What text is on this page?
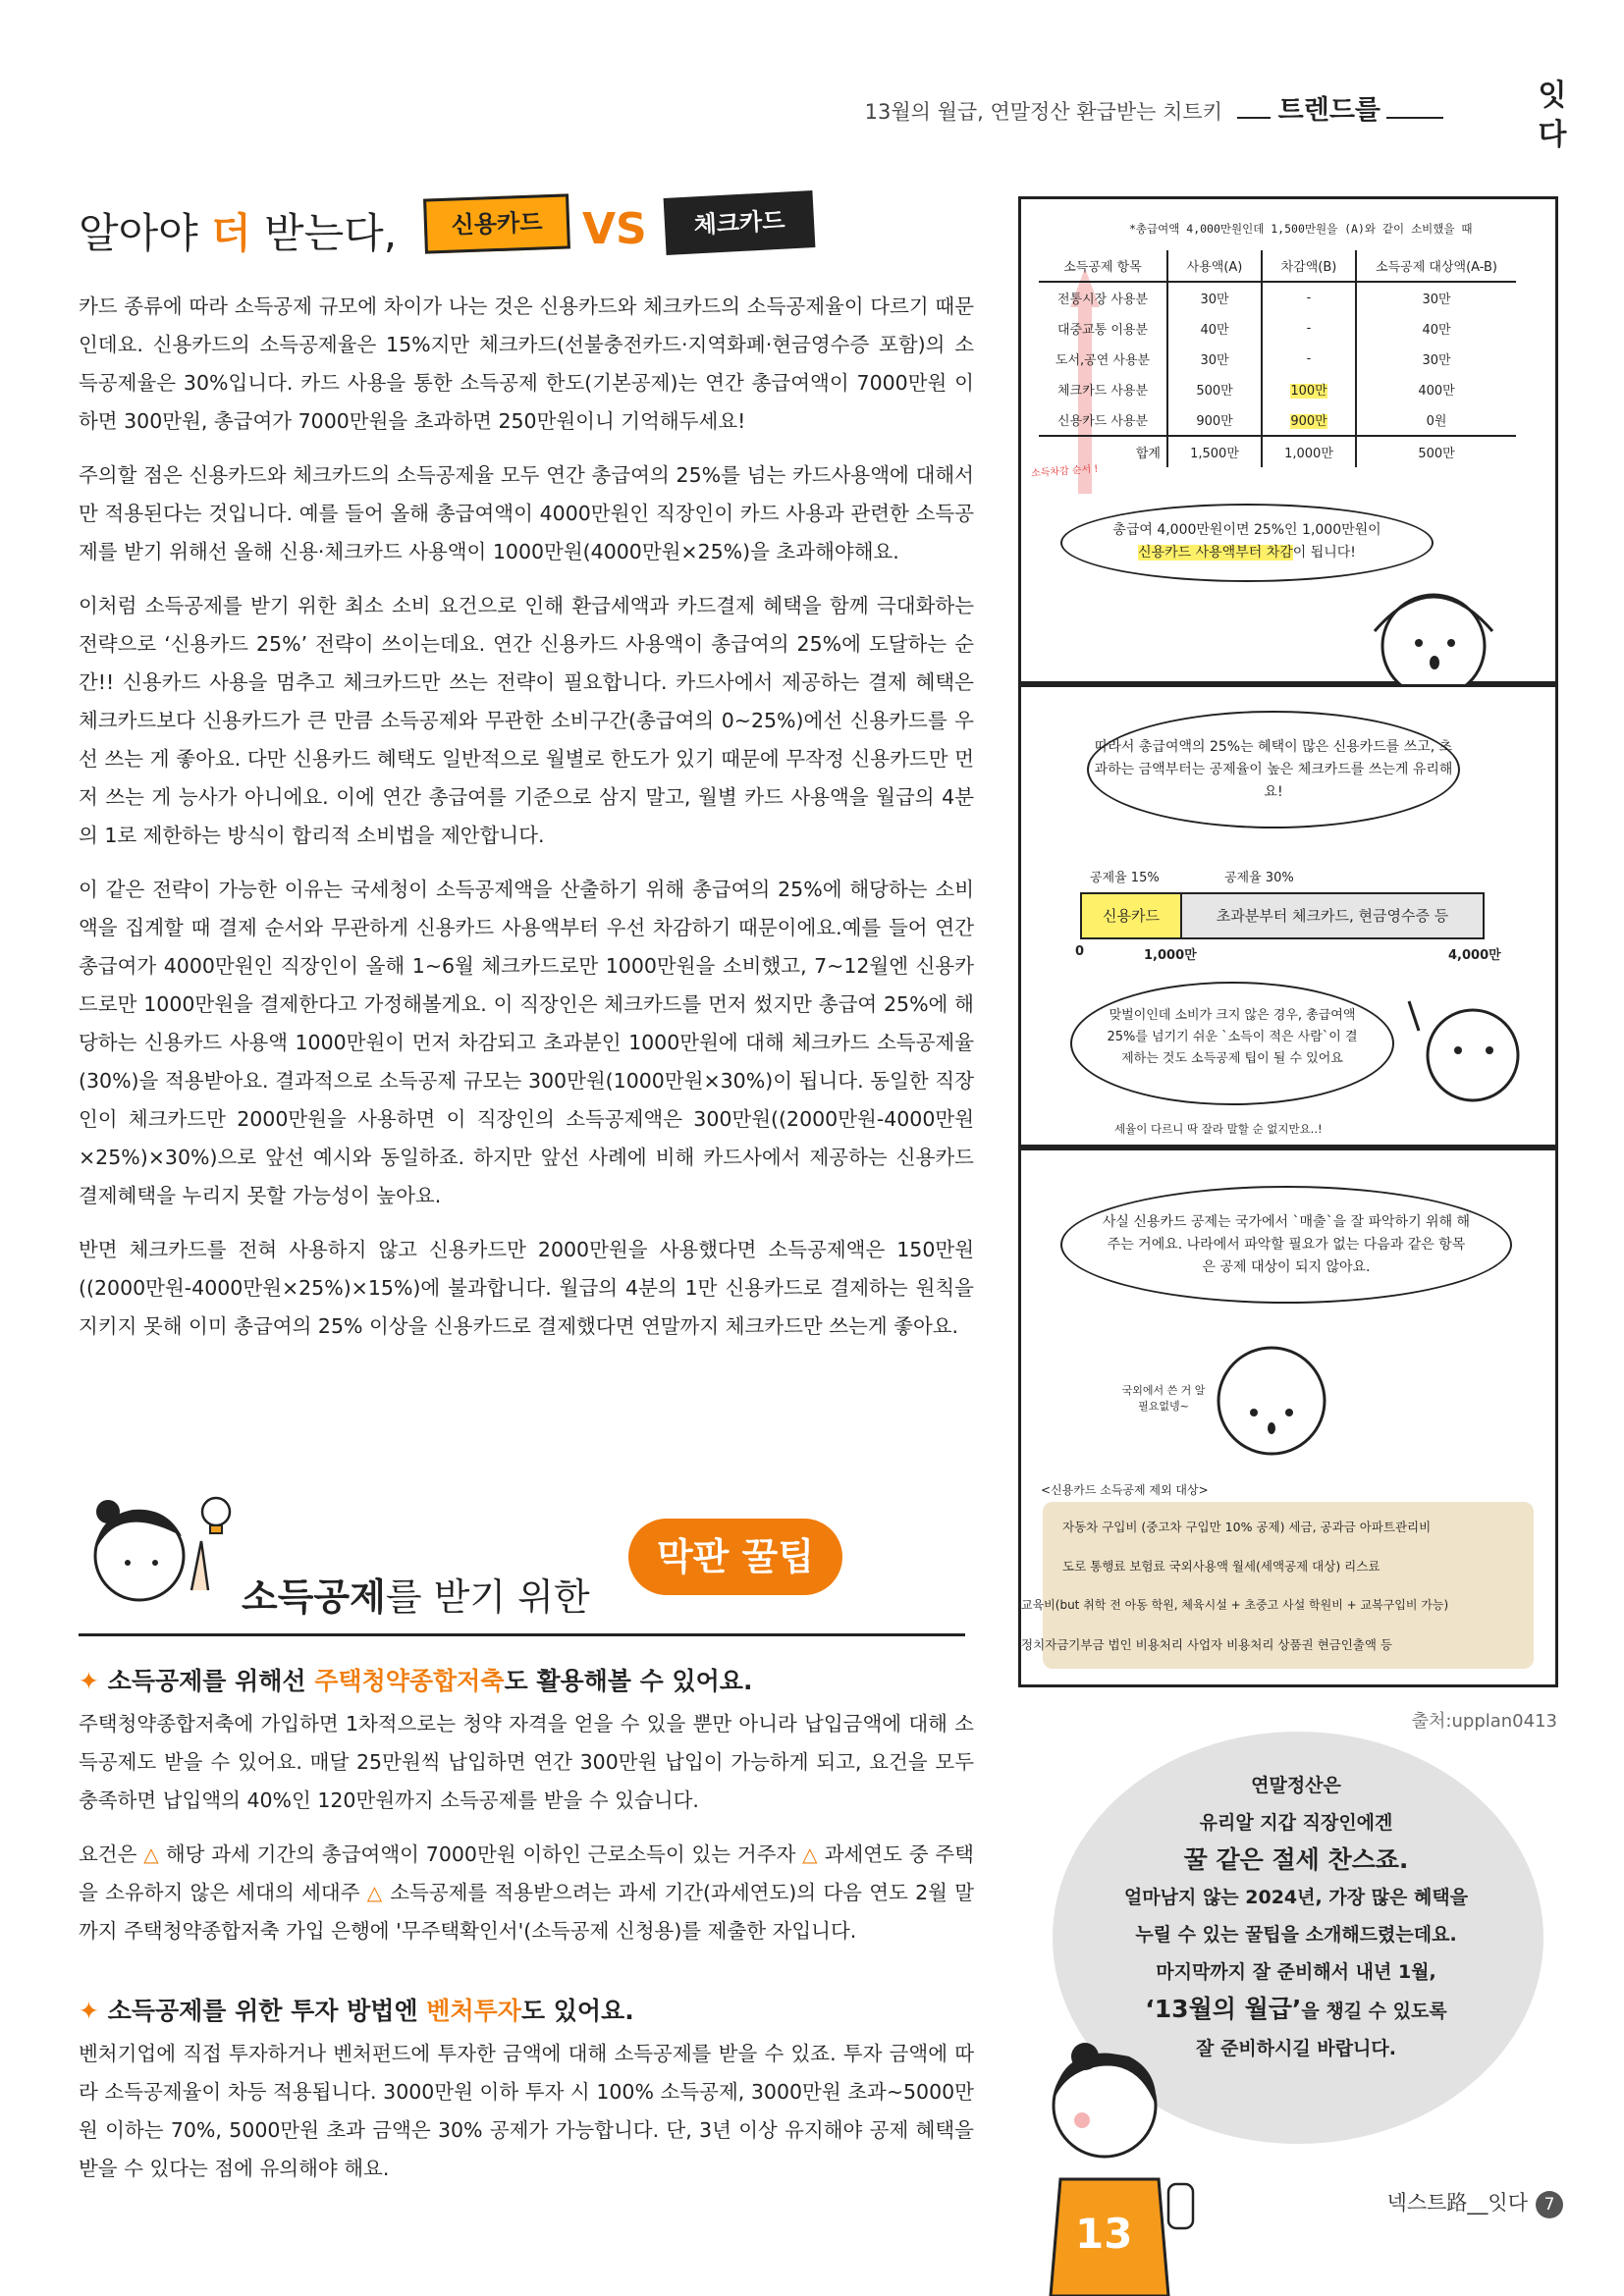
13월의 월급, 연말정산 환급받는 치트키 트렌드를	잇다
알아야 더 받는다,	신용카드 VS	체크카드

카드 종류에 따라 소득공제 규모에 차이가 나는 것은 신용카드와 체크카드의 소득공제율이 다르기 때문인데요. 신용카드의 소득공제율은 15%지만 체크카드(선불충전카드·지역화폐·현금영수증 포함)의 소득공제율은 30%입니다. 카드 사용을 통한 소득공제 한도(기본공제)는 연간 총급여액이 7000만원 이하면 300만원, 총급여가 7000만원을 초과하면 250만원이니 기억해두세요!

주의할 점은 신용카드와 체크카드의 소득공제율 모두 연간 총급여의 25%를 넘는 카드사용액에 대해서만 적용된다는 것입니다. 예를 들어 올해 총급여액이 4000만원인 직장인이 카드 사용과 관련한 소득공제를 받기 위해선 올해 신용·체크카드 사용액이 1000만원(4000만원×25%)을 초과해야해요.

이처럼 소득공제를 받기 위한 최소 소비 요건으로 인해 환급세액과 카드결제 혜택을 함께 극대화하는 전략으로 ‘신용카드 25%’ 전략이 쓰이는데요. 연간 신용카드 사용액이 총급여의 25%에 도달하는 순간!! 신용카드 사용을 멈추고 체크카드만 쓰는 전략이 필요합니다. 카드사에서 제공하는 결제 혜택은 체크카드보다 신용카드가 큰 만큼 소득공제와 무관한 소비구간(총급여의 0~25%)에선 신용카드를 우선 쓰는 게 좋아요. 다만 신용카드 혜택도 일반적으로 월별로 한도가 있기 때문에 무작정 신용카드만 먼저 쓰는 게 능사가 아니에요. 이에 연간 총급여를 기준으로 삼지 말고, 월별 카드 사용액을 월급의 4분의 1로 제한하는 방식이 합리적 소비법을 제안합니다.

이 같은 전략이 가능한 이유는 국세청이 소득공제액을 산출하기 위해 총급여의 25%에 해당하는 소비액을 집계할 때 결제 순서와 무관하게 신용카드 사용액부터 우선 차감하기 때문이에요.예를 들어 연간 총급여가 4000만원인 직장인이 올해 1~6월 체크카드로만 1000만원을 소비했고, 7~12월엔 신용카드로만 1000만원을 결제한다고 가정해볼게요. 이 직장인은 체크카드를 먼저 썼지만 총급여 25%에 해당하는 신용카드 사용액 1000만원이 먼저 차감되고 초과분인 1000만원에 대해 체크카드 소득공제율(30%)을 적용받아요. 결과적으로 소득공제 규모는 300만원(1000만원×30%)이 됩니다. 동일한 직장인이 체크카드만 2000만원을 사용하면 이 직장인의 소득공제액은 300만원((2000만원-4000만원×25%)×30%)으로 앞선 예시와 동일하죠. 하지만 앞선 사례에 비해 카드사에서 제공하는 신용카드 결제혜택을 누리지 못할 가능성이 높아요.

반면 체크카드를 전혀 사용하지 않고 신용카드만 2000만원을 사용했다면 소득공제액은 150만원((2000만원-4000만원×25%)×15%)에 불과합니다. 월급의 4분의 1만 신용카드로 결제하는 원칙을 지키지 못해 이미 총급여의 25% 이상을 신용카드로 결제했다면 연말까지 체크카드만 쓰는게 좋아요.

*총급여액 4,000만원인데 1,500만원을 (A)와 같이 소비했을 때
소득공제 항목	사용액(A)	차감액(B)	소득공제 대상액(A-B)
전통시장 사용분	30만	-	30만
대중교통 이용분	40만	-	40만
도서,공연 사용분	30만	-	30만
체크카드 사용분	500만	100만	400만
신용카드 사용분	900만	900만	0원
합계	1,500만	1,000만	500만
소득차감 순서 !
총급여 4,000만원이면 25%인 1,000만원이
신용카드 사용액부터 차감이 됩니다!
따라서 총급여액의 25%는 혜택이 많은 신용카드를 쓰고, 초과하는 금액부터는 공제율이 높은 체크카드를 쓰는게 유리해요!
공제율 15%	공제율 30%
신용카드	초과분부터 체크카드, 현금영수증 등
0	1,000만	4,000만
맞벌이인데 소비가 크지 않은 경우, 총급여액 25%를 넘기기 쉬운 `소득이 적은 사람`이 결제하는 것도 소득공제 팁이 될 수 있어요
세율이 다르니 딱 잘라 말할 순 없지만요..!
사실 신용카드 공제는 국가에서 `매출`을 잘 파악하기 위해 해주는 거에요. 나라에서 파악할 필요가 없는 다음과 같은 항목은 공제 대상이 되지 않아요.
국외에서 쓴 거 알 필요없넹~
<신용카드 소득공제 제외 대상>
자동차 구입비 (중고차 구입만 10% 공제) 세금, 공과금 아파트관리비
도로 통행료 보험료 국외사용액 월세(세액공제 대상) 리스료
교육비(but 취학 전 아동 학원, 체육시설 + 초중고 사설 학원비 + 교복구입비 가능)
정치자금기부금 법인 비용처리 사업자 비용처리 상품권 현금인출액 등
출처:upplan0413
막판 꿀팁
소득공제를 받기 위한
✦ 소득공제를 위해선 주택청약종합저축도 활용해볼 수 있어요.

주택청약종합저축에 가입하면 1차적으로는 청약 자격을 얻을 수 있을 뿐만 아니라 납입금액에 대해 소득공제도 받을 수 있어요. 매달 25만원씩 납입하면 연간 300만원 납입이 가능하게 되고, 요건을 모두 충족하면 납입액의 40%인 120만원까지 소득공제를 받을 수 있습니다.

요건은 △ 해당 과세 기간의 총급여액이 7000만원 이하인 근로소득이 있는 거주자 △ 과세연도 중 주택을 소유하지 않은 세대의 세대주 △ 소득공제를 적용받으려는 과세 기간(과세연도)의 다음 연도 2월 말까지 주택청약종합저축 가입 은행에 '무주택확인서'(소득공제 신청용)를 제출한 자입니다.

✦ 소득공제를 위한 투자 방법엔 벤처투자도 있어요.

벤처기업에 직접 투자하거나 벤처펀드에 투자한 금액에 대해 소득공제를 받을 수 있죠. 투자 금액에 따라 소득공제율이 차등 적용됩니다. 3000만원 이하 투자 시 100% 소득공제, 3000만원 초과~5000만원 이하는 70%, 5000만원 초과 금액은 30% 공제가 가능합니다. 단, 3년 이상 유지해야 공제 혜택을 받을 수 있다는 점에 유의해야 해요.

연말정산은
유리알 지갑 직장인에겐
꿀 같은 절세 찬스죠.
얼마남지 않는 2024년, 가장 많은 혜택을
누릴 수 있는 꿀팁을 소개해드렸는데요.
마지막까지 잘 준비해서 내년 1월,
‘13월의 월급’을 챙길 수 있도록
잘 준비하시길 바랍니다.
13
넥스트路__잇다 7
